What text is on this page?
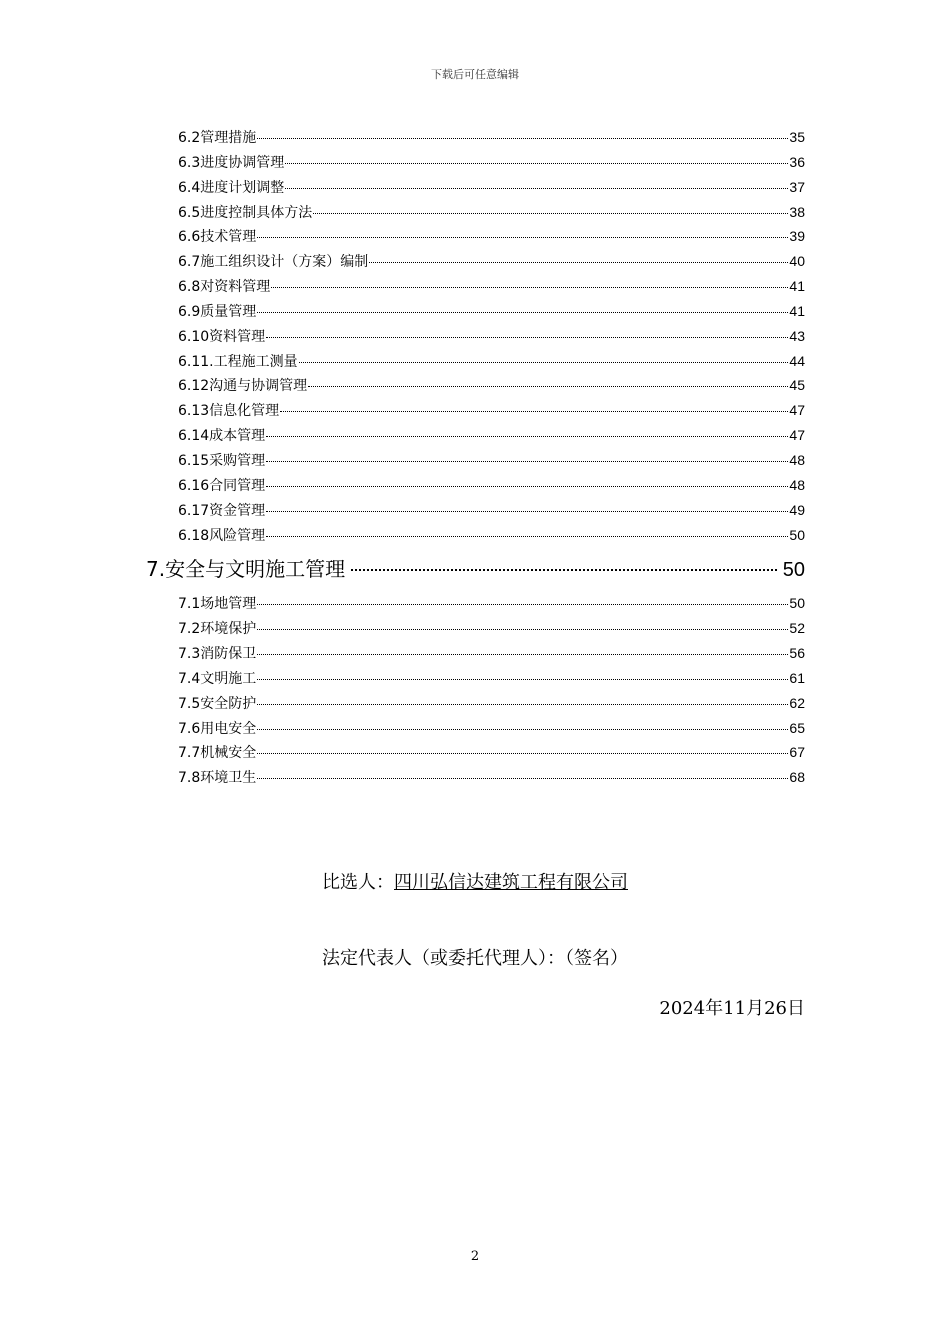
下载后可任意编辑
6.2管理措施	35
6.3进度协调管理	36
6.4进度计划调整	37
6.5进度控制具体方法	38
6.6技术管理	39
6.7施工组织设计（方案）编制	40
6.8对资料管理	41
6.9质量管理	41
6.10资料管理	43
6.11.工程施工测量	44
6.12沟通与协调管理	45
6.13信息化管理	47
6.14成本管理	47
6.15采购管理	48
6.16合同管理	48
6.17资金管理	49
6.18风险管理	50
7.安全与文明施工管理	50
7.1场地管理	50
7.2环境保护	52
7.3消防保卫	56
7.4文明施工	61
7.5安全防护	62
7.6用电安全	65
7.7机械安全	67
7.8环境卫生	68
比选人：四川弘信达建筑工程有限公司
法定代表人（或委托代理人）：（签名）
2024年11月26日
2
